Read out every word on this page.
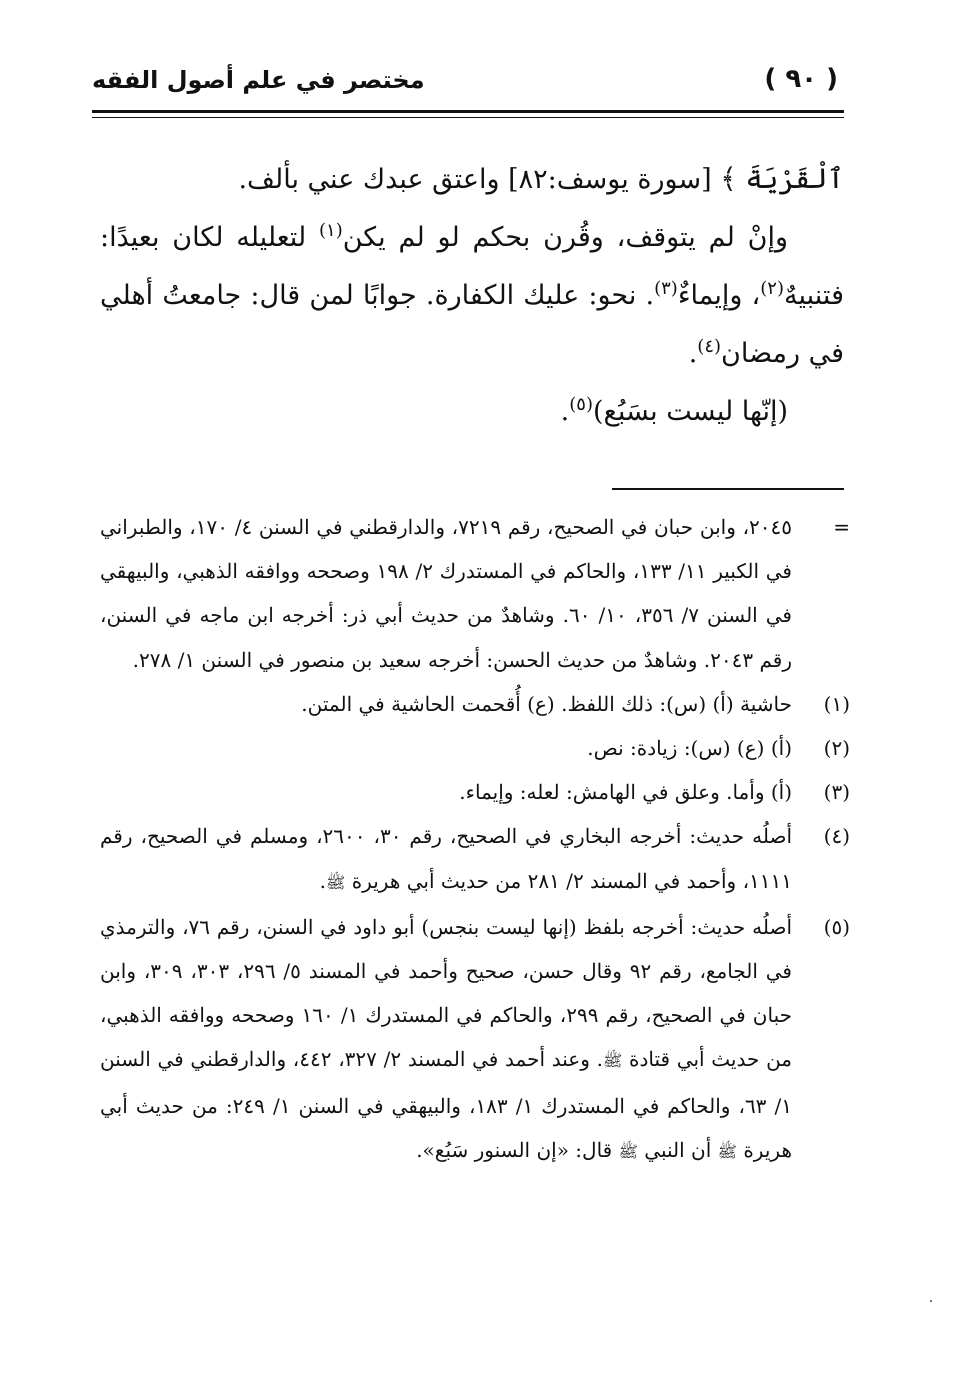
( ٩٠ )
مختصر في علم أصول الفقه

ٱلْقَرْيَةَ ﴾ [سورة يوسف:٨٢] واعتق عبدك عني بألف.

وإنْ لم يتوقف، وقُرن بحكم لو لم يكن$^{(١)}$ لتعليله لكان بعيدًا: فتنبيهٌ$^{(٢)}$، وإيماءٌ$^{(٣)}$. نحو: عليك الكفارة. جوابًا لمن قال: جامعتُ أهلي في رمضان$^{(٤)}$.

(إنّها ليست بسَبُع)$^{(٥)}$.

=
٢٠٤٥، وابن حبان في الصحيح، رقم ٧٢١٩، والدارقطني في السنن ٤/ ١٧٠، والطبراني في الكبير ١١/ ١٣٣، والحاكم في المستدرك ٢/ ١٩٨ وصححه ووافقه الذهبي، والبيهقي في السنن ٧/ ٣٥٦، ١٠/ ٦٠. وشاهدٌ من حديث أبي ذر: أخرجه ابن ماجه في السنن، رقم ٢٠٤٣. وشاهدٌ من حديث الحسن: أخرجه سعيد بن منصور في السنن ١/ ٢٧٨.

(١)
حاشية (أ) (س): ذلك اللفظ. (ع) أُقحمت الحاشية في المتن.

(٢)
(أ) (ع) (س): زيادة: نص.

(٣)
(أ) وأما. وعلق في الهامش: لعله: وإيماء.

(٤)
أصلُه حديث: أخرجه البخاري في الصحيح، رقم ٣٠، ٢٦٠٠، ومسلم في الصحيح، رقم ١١١١، وأحمد في المسند ٢/ ٢٨١ من حديث أبي هريرة ﷺ.

(٥)
أصلُه حديث: أخرجه بلفظ (إنها ليست بنجس) أبو داود في السنن، رقم ٧٦، والترمذي في الجامع، رقم ٩٢ وقال حسن، صحيح وأحمد في المسند ٥/ ٢٩٦، ٣٠٣، ٣٠٩، وابن حبان في الصحيح، رقم ٢٩٩، والحاكم في المستدرك ١/ ١٦٠ وصححه ووافقه الذهبي، من حديث أبي قتادة ﷺ. وعند أحمد في المسند ٢/ ٣٢٧، ٤٤٢، والدارقطني في السنن ١/ ٦٣، والحاكم في المستدرك ١/ ١٨٣، والبيهقي في السنن ١/ ٢٤٩: من حديث أبي هريرة ﷺ أن النبي ﷺ قال: «إن السنور سَبُع».
